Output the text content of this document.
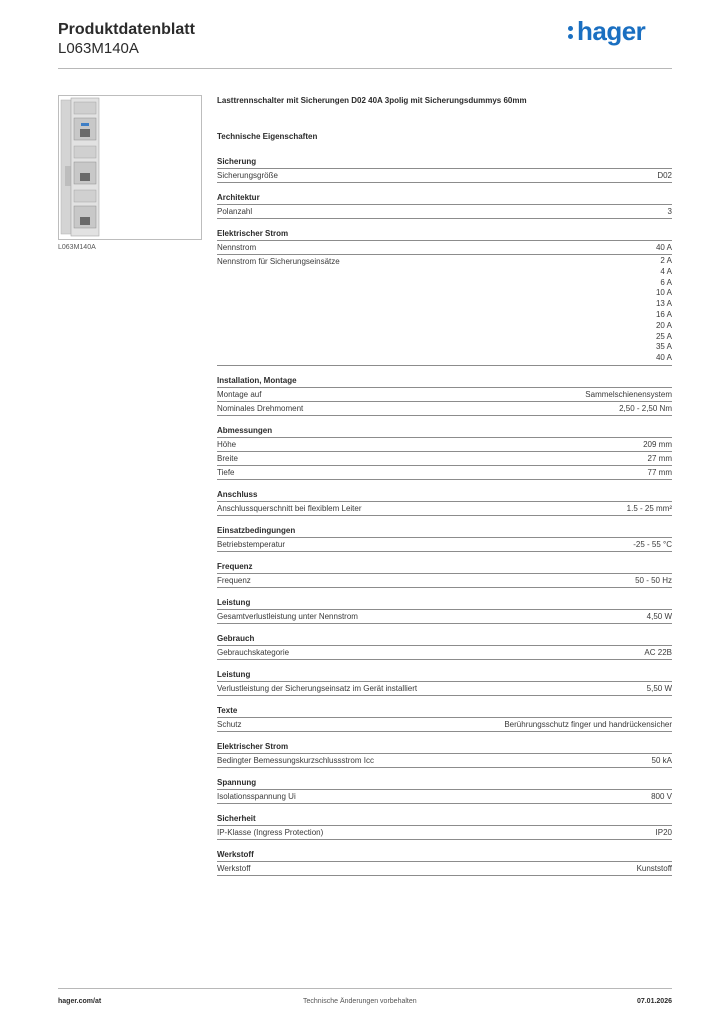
Produktdatenblatt
L063M140A
hager
L063M140A
Lasttrennschalter mit Sicherungen D02 40A 3polig mit Sicherungsdummys 60mm
Technische Eigenschaften
Sicherung
Sicherungsgröße	D02
Architektur
Polanzahl	3
Elektrischer Strom
Nennstrom	40 A
Nennstrom für Sicherungseinsätze	2 A
4 A
6 A
10 A
13 A
16 A
20 A
25 A
35 A
40 A
Installation, Montage
Montage auf	Sammelschienensystem
Nominales Drehmoment	2,50 - 2,50 Nm
Abmessungen
Höhe	209 mm
Breite	27 mm
Tiefe	77 mm
Anschluss
Anschlussquerschnitt bei flexiblem Leiter	1.5 - 25 mm²
Einsatzbedingungen
Betriebstemperatur	-25 - 55 °C
Frequenz
Frequenz	50 - 50 Hz
Leistung
Gesamtverlustleistung unter Nennstrom	4,50 W
Gebrauch
Gebrauchskategorie	AC 22B
Leistung
Verlustleistung der Sicherungseinsatz im Gerät installiert	5,50 W
Texte
Schutz	Berührungsschutz finger und handrückensicher
Elektrischer Strom
Bedingter Bemessungskurzschlussstrom Icc	50 kA
Spannung
Isolationsspannung Ui	800 V
Sicherheit
IP-Klasse (Ingress Protection)	IP20
Werkstoff
Werkstoff	Kunststoff
hager.com/at	Technische Änderungen vorbehalten	07.01.2026
